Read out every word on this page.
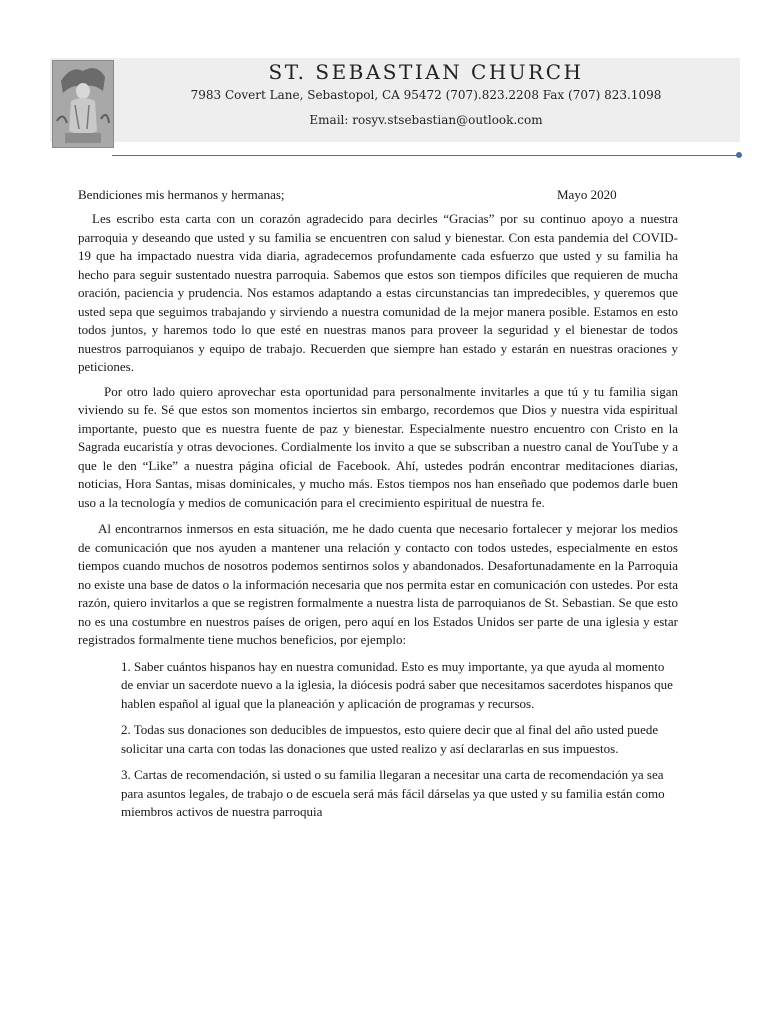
ST. SEBASTIAN CHURCH
7983 Covert Lane, Sebastopol, CA 95472 (707).823.2208 Fax (707) 823.1098
Email: rosyv.stsebastian@outlook.com
Bendiciones mis hermanos y hermanas;	Mayo 2020

Les escribo esta carta con un corazón agradecido para decirles “Gracias” por su continuo apoyo a nuestra parroquia y deseando que usted y su familia se encuentren con salud y bienestar. Con esta pandemia del COVID-19 que ha impactado nuestra vida diaria, agradecemos profundamente cada esfuerzo que usted y su familia ha hecho para seguir sustentado nuestra parroquia. Sabemos que estos son tiempos difíciles que requieren de mucha oración, paciencia y prudencia. Nos estamos adaptando a estas circunstancias tan impredecibles, y queremos que usted sepa que seguimos trabajando y sirviendo a nuestra comunidad de la mejor manera posible. Estamos en esto todos juntos, y haremos todo lo que esté en nuestras manos para proveer la seguridad y el bienestar de todos nuestros parroquianos y equipo de trabajo. Recuerden que siempre han estado y estarán en nuestras oraciones y peticiones.

Por otro lado quiero aprovechar esta oportunidad para personalmente invitarles a que tú y tu familia sigan viviendo su fe. Sé que estos son momentos inciertos sin embargo, recordemos que Dios y nuestra vida espiritual importante, puesto que es nuestra fuente de paz y bienestar. Especialmente nuestro encuentro con Cristo en la Sagrada eucaristía y otras devociones. Cordialmente los invito a que se subscriban a nuestro canal de YouTube y a que le den “Like” a nuestra página oficial de Facebook. Ahí, ustedes podrán encontrar meditaciones diarias, noticias, Hora Santas, misas dominicales, y mucho más. Estos tiempos nos han enseñado que podemos darle buen uso a la tecnología y medios de comunicación para el crecimiento espiritual de nuestra fe.

Al encontrarnos inmersos en esta situación, me he dado cuenta que necesario fortalecer y mejorar los medios de comunicación que nos ayuden a mantener una relación y contacto con todos ustedes, especialmente en estos tiempos cuando muchos de nosotros podemos sentirnos solos y abandonados. Desafortunadamente en la Parroquia no existe una base de datos o la información necesaria que nos permita estar en comunicación con ustedes. Por esta razón, quiero invitarlos a que se registren formalmente a nuestra lista de parroquianos de St. Sebastian. Se que esto no es una costumbre en nuestros países de origen, pero aquí en los Estados Unidos ser parte de una iglesia y estar registrados formalmente tiene muchos beneficios, por ejemplo:

1. Saber cuántos hispanos hay en nuestra comunidad. Esto es muy importante, ya que ayuda al momento de enviar un sacerdote nuevo a la iglesia, la diócesis podrá saber que necesitamos sacerdotes hispanos que hablen español al igual que la planeación y aplicación de programas y recursos.

2. Todas sus donaciones son deducibles de impuestos, esto quiere decir que al final del año usted puede solicitar una carta con todas las donaciones que usted realizo y así declararlas en sus impuestos.

3. Cartas de recomendación, si usted o su familia llegaran a necesitar una carta de recomendación ya sea para asuntos legales, de trabajo o de escuela será más fácil dárselas ya que usted y su familia están como miembros activos de nuestra parroquia
